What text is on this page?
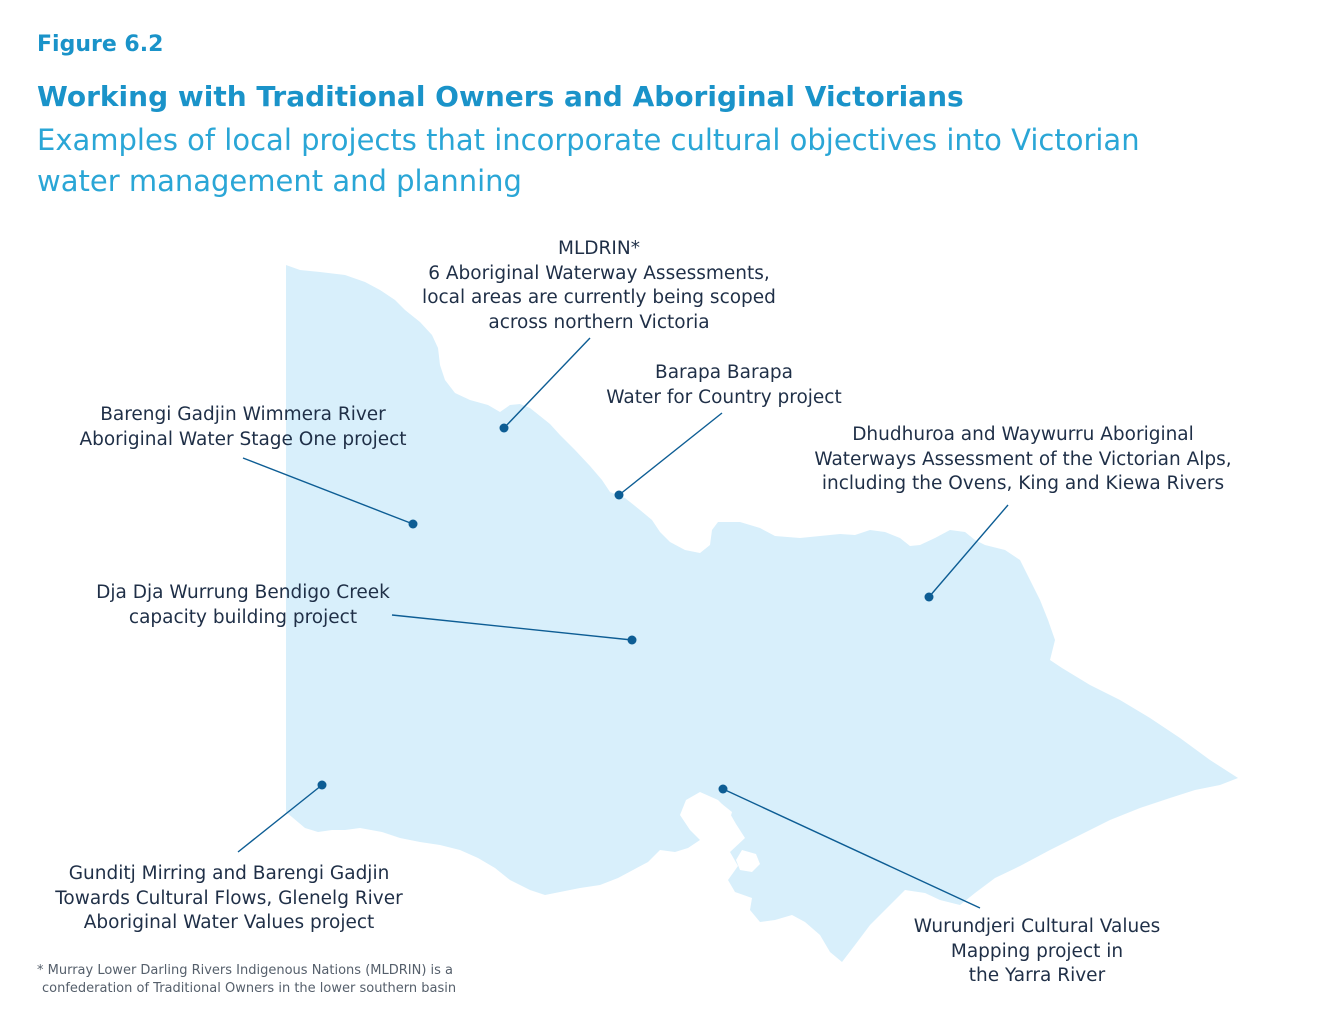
Figure 6.2
Working with Traditional Owners and Aboriginal Victorians
Examples of local projects that incorporate cultural objectives into Victorian water management and planning
MLDRIN*
6 Aboriginal Waterway Assessments,
local areas are currently being scoped
across northern Victoria
Barapa Barapa
Water for Country project
Barengi Gadjin Wimmera River
Aboriginal Water Stage One project	Dhudhuroa and Waywurru Aboriginal
Waterways Assessment of the Victorian Alps,
including the Ovens, King and Kiewa Rivers
Dja Dja Wurrung Bendigo Creek
capacity building project
Gunditj Mirring and Barengi Gadjin
Towards Cultural Flows, Glenelg River
Aboriginal Water Values project	Wurundjeri Cultural Values
Mapping project in
the Yarra River
* Murray Lower Darling Rivers Indigenous Nations (MLDRIN) is a
confederation of Traditional Owners in the lower southern basin
